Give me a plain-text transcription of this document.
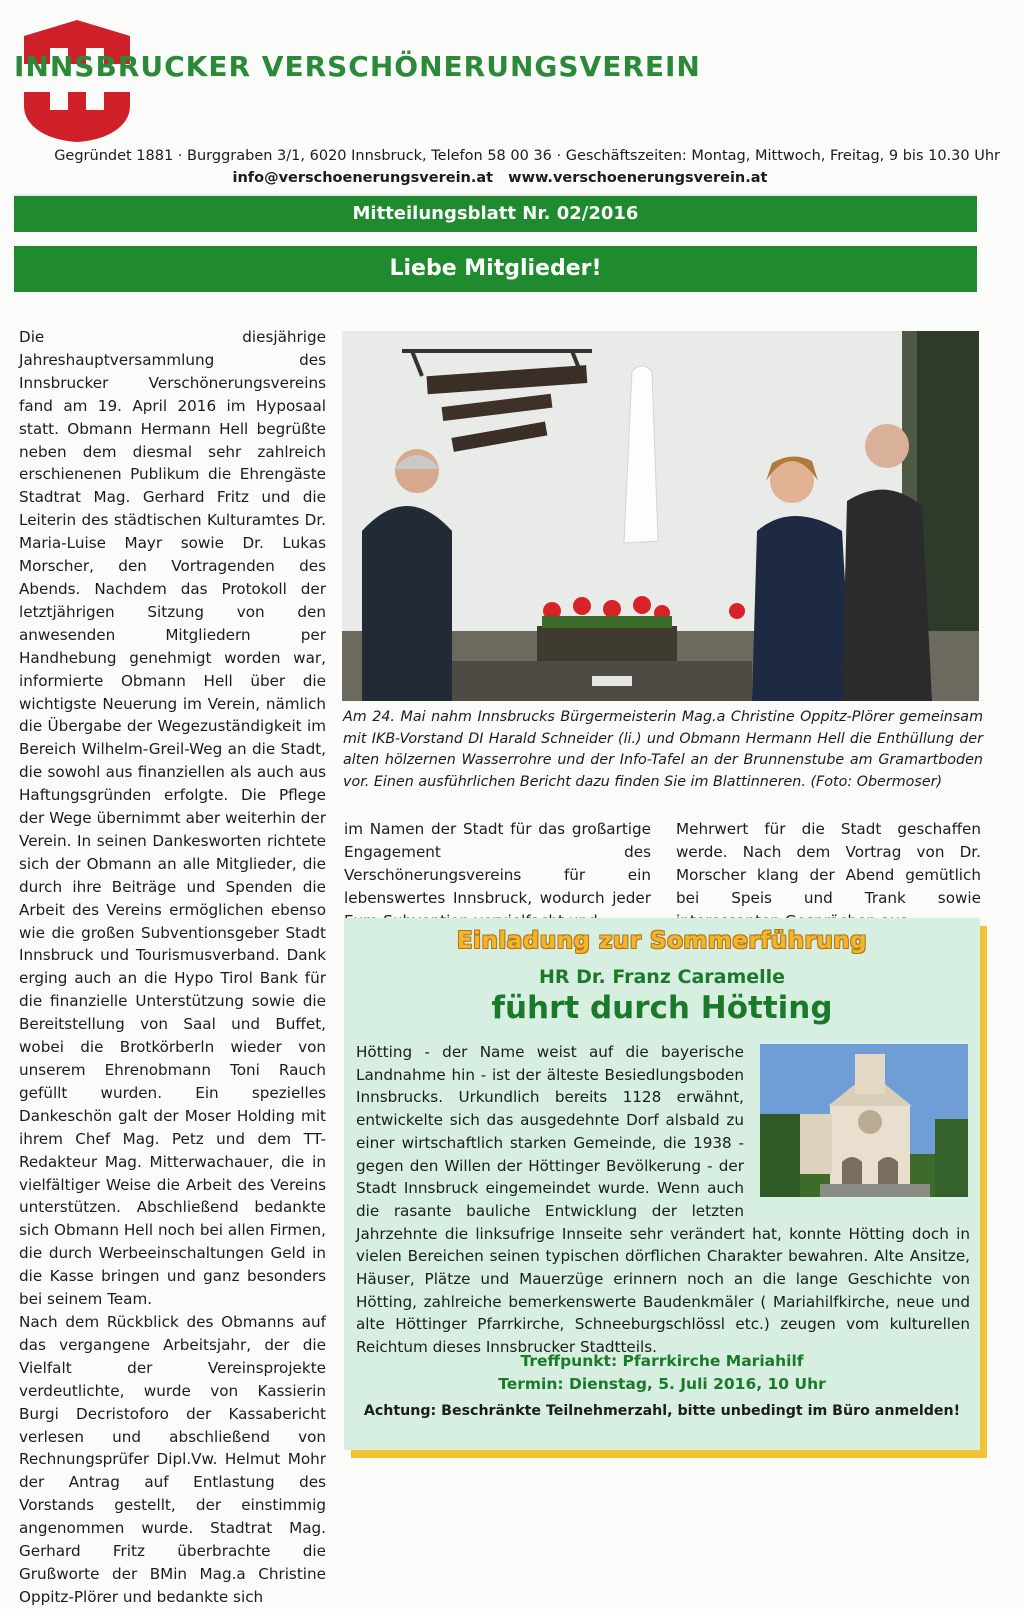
INNSBRUCKER VERSCHÖNERUNGSVEREIN
Gegründet 1881 · Burggraben 3/1, 6020 Innsbruck, Telefon 58 00 36 · Geschäftszeiten: Montag, Mittwoch, Freitag, 9 bis 10.30 Uhr
info@verschoenerungsverein.at www.verschoenerungsverein.at
Mitteilungsblatt Nr. 02/2016
Liebe Mitglieder!

Die diesjährige Jahreshauptversammlung des Innsbrucker Verschönerungsvereins fand am 19. April 2016 im Hyposaal statt. Obmann Hermann Hell begrüßte neben dem diesmal sehr zahlreich erschienenen Publikum die Ehrengäste Stadtrat Mag. Gerhard Fritz und die Leiterin des städtischen Kulturamtes Dr. Maria-Luise Mayr sowie Dr. Lukas Morscher, den Vortragenden des Abends. Nachdem das Protokoll der letztjährigen Sitzung von den anwesenden Mitgliedern per Handhebung genehmigt worden war, informierte Obmann Hell über die wichtigste Neuerung im Verein, nämlich die Übergabe der Wegezuständigkeit im Bereich Wilhelm-Greil-Weg an die Stadt, die sowohl aus finanziellen als auch aus Haftungsgründen erfolgte. Die Pflege der Wege übernimmt aber weiterhin der Verein. In seinen Dankesworten richtete sich der Obmann an alle Mitglieder, die durch ihre Beiträge und Spenden die Arbeit des Vereins ermöglichen ebenso wie die großen Subventionsgeber Stadt Innsbruck und Tourismusverband. Dank erging auch an die Hypo Tirol Bank für die finanzielle Unterstützung sowie die Bereitstellung von Saal und Buffet, wobei die Brotkörberln wieder von unserem Ehrenobmann Toni Rauch gefüllt wurden. Ein spezielles Dankeschön galt der Moser Holding mit ihrem Chef Mag. Petz und dem TT-Redakteur Mag. Mitterwachauer, die in vielfältiger Weise die Arbeit des Vereins unterstützen. Abschließend bedankte sich Obmann Hell noch bei allen Firmen, die durch Werbeeinschaltungen Geld in die Kasse bringen und ganz besonders bei seinem Team.

Nach dem Rückblick des Obmanns auf das vergangene Arbeitsjahr, der die Vielfalt der Vereinsprojekte verdeutlichte, wurde von Kassierin Burgi Decristoforo der Kassabericht verlesen und abschließend von Rechnungsprüfer Dipl.Vw. Helmut Mohr der Antrag auf Entlastung des Vorstands gestellt, der einstimmig angenommen wurde. Stadtrat Mag. Gerhard Fritz überbrachte die Grußworte der BMin Mag.a Christine Oppitz-Plörer und bedankte sich

Am 24. Mai nahm Innsbrucks Bürgermeisterin Mag.a Christine Oppitz-Plörer gemeinsam mit IKB-Vorstand DI Harald Schneider (li.) und Obmann Hermann Hell die Enthüllung der alten hölzernen Wasserrohre und der Info-Tafel an der Brunnenstube am Gramartboden vor. Einen ausführlichen Bericht dazu finden Sie im Blattinneren. (Foto: Obermoser)
im Namen der Stadt für das großartige Engagement des Verschönerungsvereins für ein lebenswertes Innsbruck, wodurch jeder
Mehrwert für die Stadt geschaffen werde. Nach dem Vortrag von Dr. Morscher klang der Abend gemütlich bei Speis und Trank sowie
Einladung zur Sommerführung
HR Dr. Franz Caramelle
führt durch Hötting
Hötting - der Name weist auf die bayerische Landnahme hin - ist der älteste Besiedlungsboden Innsbrucks. Urkundlich bereits 1128 erwähnt, entwickelte sich das ausgedehnte Dorf alsbald zu einer wirtschaftlich starken Gemeinde, die 1938 - gegen den Willen der Höttinger Bevölkerung - der Stadt Innsbruck eingemeindet wurde. Wenn auch die rasante bauliche Entwicklung der letzten Jahrzehnte die linksufrige Innseite sehr verändert hat, konnte Hötting doch in vielen Bereichen seinen typischen dörflichen Charakter bewahren. Alte Ansitze, Häuser, Plätze und Mauerzüge erinnern noch an die lange Geschichte von Hötting, zahlreiche bemerkenswerte Baudenkmäler ( Mariahilfkirche, neue und alte Höttinger Pfarrkirche, Schneeburgschlössl etc.) zeugen vom kulturellen Reichtum dieses Innsbrucker Stadtteils.
Treffpunkt: Pfarrkirche Mariahilf
Termin: Dienstag, 5. Juli 2016, 10 Uhr
Achtung: Beschränkte Teilnehmerzahl, bitte unbedingt im Büro anmelden!
